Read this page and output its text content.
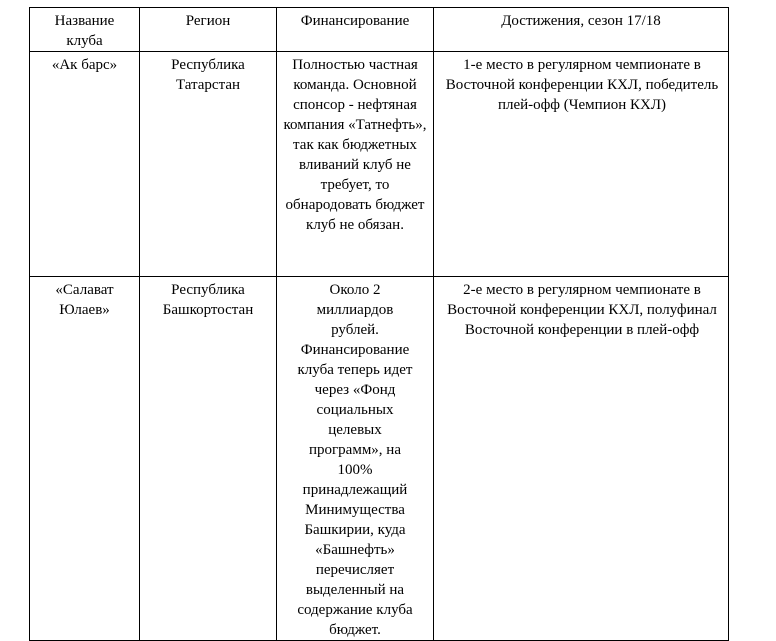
Название клуба	Регион	Финансирование	Достижения, сезон 17/18
«Ак барс»	Республика Татарстан	Полностью частная команда. Основной спонсор - нефтяная компания «Татнефть», так как бюджетных вливаний клуб не требует, то обнародовать бюджет клуб не обязан.	1-е место в регулярном чемпионате в Восточной конференции КХЛ, победитель плей-офф (Чемпион КХЛ)
«Салават Юлаев»	Республика Башкортостан	Около 2 миллиардов рублей. Финансирование клуба теперь идет через «Фонд социальных целевых программ», на 100% принадлежащий Минимущества Башкирии, куда «Башнефть» перечисляет выделенный на содержание клуба бюджет.	2-е место в регулярном чемпионате в Восточной конференции КХЛ, полуфинал Восточной конференции в плей-офф
